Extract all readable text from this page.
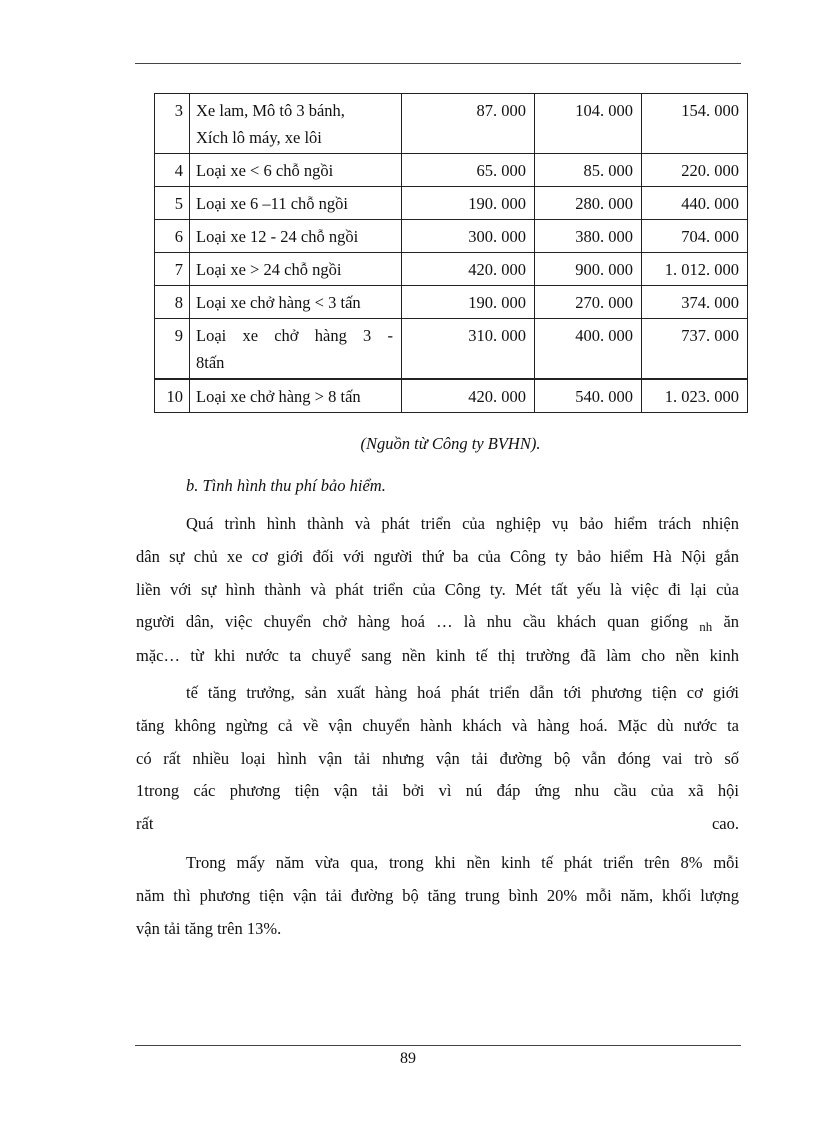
3	Xe lam, Mô tô 3 bánh,
Xích lô máy, xe lôi	87. 000	104. 000	154. 000
4	Loại xe < 6 chỗ ngồi	65. 000	85. 000	220. 000
5	Loại xe 6 –11 chỗ ngồi	190. 000	280. 000	440. 000
6	Loại xe 12 - 24 chỗ ngồi	300. 000	380. 000	704. 000
7	Loại xe > 24 chỗ ngồi	420. 000	900. 000	1. 012. 000
8	Loại xe chở hàng < 3 tấn	190. 000	270. 000	374. 000
9	Loại xe chở hàng 3 -
8tấn	310. 000	400. 000	737. 000
10	Loại xe chở hàng > 8 tấn	420. 000	540. 000	1. 023. 000
(Nguồn từ Công ty BVHN).
b. Tình hình thu phí bảo hiểm.
Quá trình hình thành và phát triển của nghiệp vụ bảo hiểm trách nhiện
dân sự chủ xe cơ giới đối với người thứ ba của Công ty bảo hiểm Hà Nội gắn
liền với sự hình thành và phát triển của Công ty. Mét tất yếu là việc đi lại của
người dân, việc chuyển chở hàng hoá … là nhu cầu khách quan giống $_{nh}$ ăn
mặc… từ khi nước ta chuyể sang nền kinh tế thị trường đã làm cho nền kinh
tế tăng trưởng, sản xuất hàng hoá phát triển dẫn tới phương tiện cơ giới
tăng không ngừng cả về vận chuyển hành khách và hàng hoá. Mặc dù nước ta
có rất nhiều loại hình vận tải nhưng vận tải đường bộ vẫn đóng vai trò số
1trong các phương tiện vận tải bởi vì nú đáp ứng nhu cầu của xã hội
rất	cao.
Trong mấy năm vừa qua, trong khi nền kinh tế phát triển trên 8% mỗi
năm thì phương tiện vận tải đường bộ tăng trung bình 20% mỗi năm, khối lượng
vận tải tăng trên 13%.
89
